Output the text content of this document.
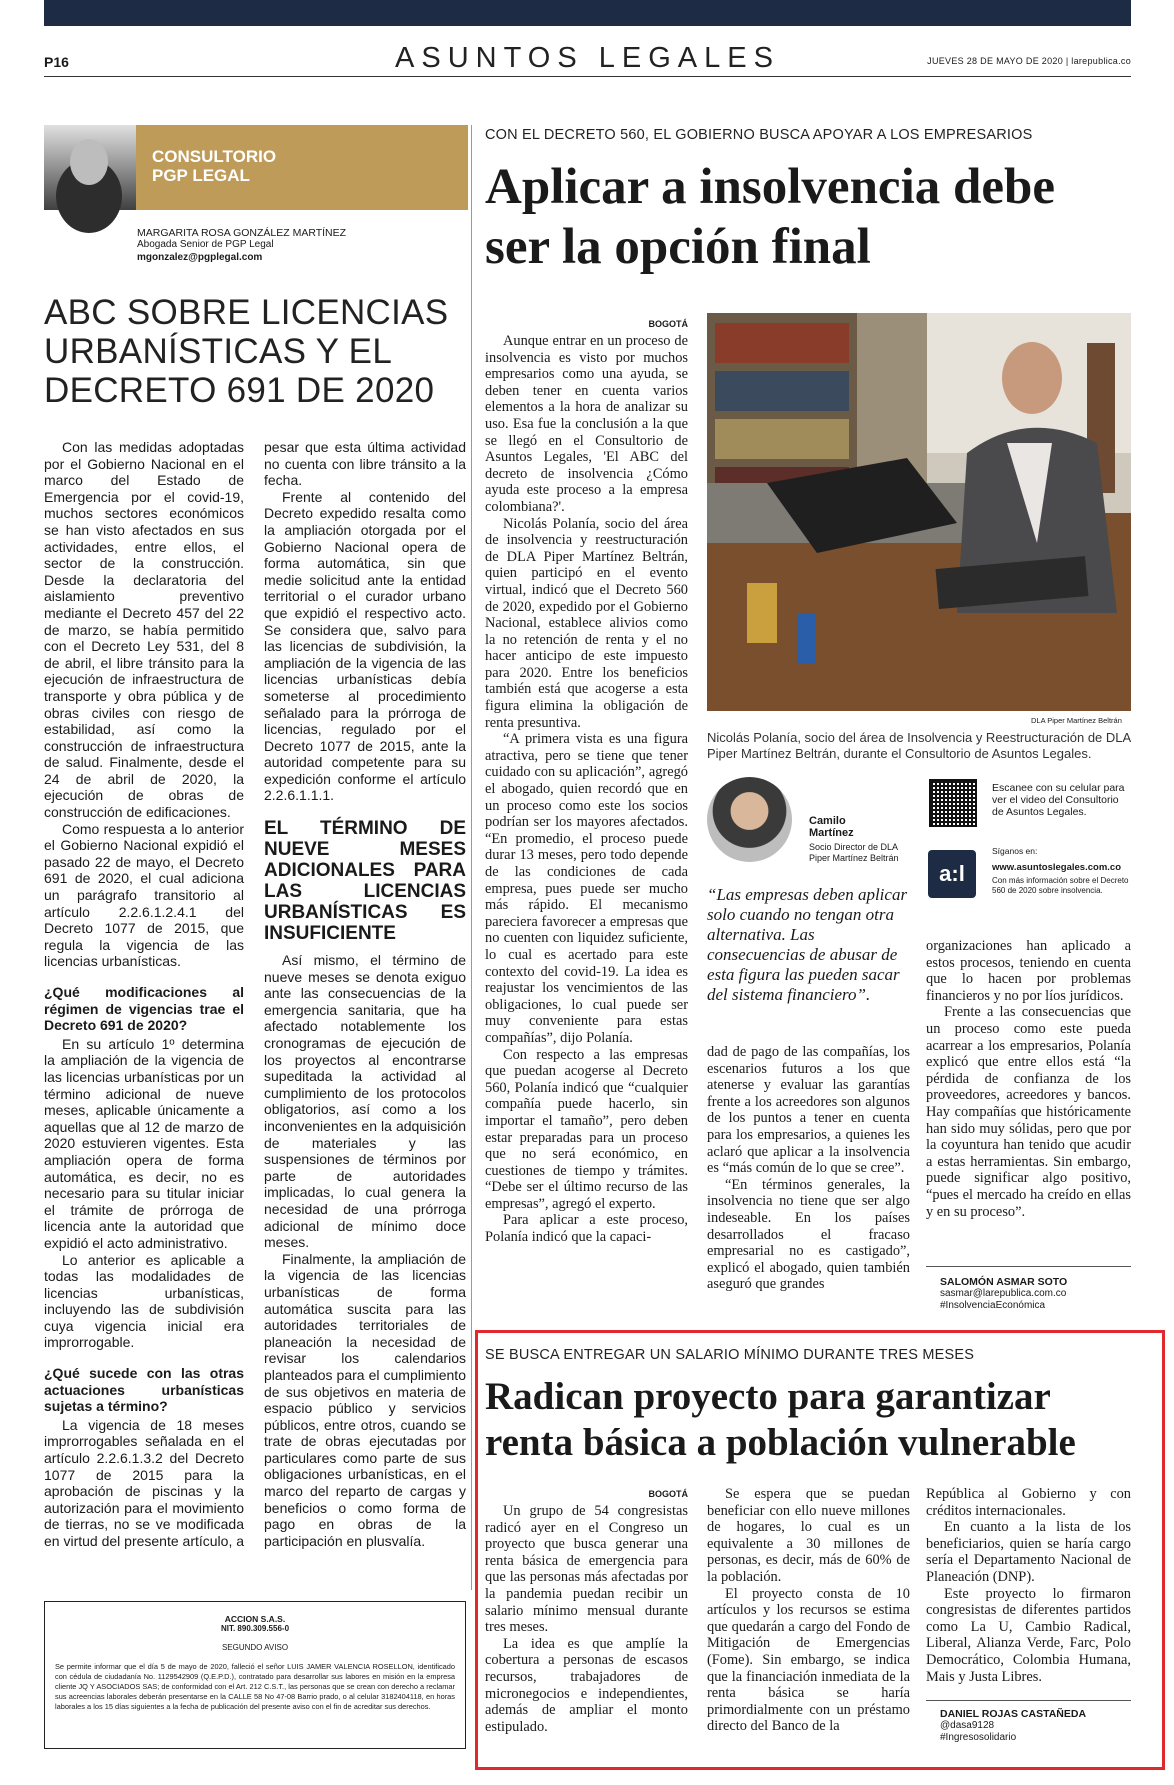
P16	ASUNTOS LEGALES	JUEVES 28 DE MAYO DE 2020 | larepublica.co
CONSULTORIO
PGP LEGAL
MARGARITA ROSA GONZÁLEZ MARTÍNEZ
Abogada Senior de PGP Legal
mgonzalez@pgplegal.com
ABC SOBRE LICENCIAS URBANÍSTICAS Y EL DECRETO 691 DE 2020

Con las medidas adoptadas por el Gobierno Nacional en el marco del Estado de Emergencia por el covid-19, muchos sectores económicos se han visto afectados en sus actividades, entre ellos, el sector de la construcción. Desde la declaratoria del aislamiento preventivo mediante el Decreto 457 del 22 de marzo, se había permitido con el Decreto Ley 531, del 8 de abril, el libre tránsito para la ejecución de infraestructura de transporte y obra pública y de obras civiles con riesgo de estabilidad, así como la construcción de infraestructura de salud. Finalmente, desde el 24 de abril de 2020, la ejecución de obras de construcción de edificaciones.

Como respuesta a lo anterior el Gobierno Nacional expidió el pasado 22 de mayo, el Decreto 691 de 2020, el cual adiciona un parágrafo transitorio al artículo 2.2.6.1.2.4.1 del Decreto 1077 de 2015, que regula la vigencia de las licencias urbanísticas.

¿Qué modificaciones al régimen de vigencias trae el Decreto 691 de 2020?

En su artículo 1º determina la ampliación de la vigencia de las licencias urbanísticas por un término adicional de nueve meses, aplicable únicamente a aquellas que al 12 de marzo de 2020 estuvieren vigentes. Esta ampliación opera de forma automática, es decir, no es necesario para su titular iniciar el trámite de prórroga de licencia ante la autoridad que expidió el acto administrativo.

Lo anterior es aplicable a todas las modalidades de licencias urbanísticas, incluyendo las de subdivisión cuya vigencia inicial era improrrogable.

¿Qué sucede con las otras actuaciones urbanísticas sujetas a término?

La vigencia de 18 meses improrrogables señalada en el artículo 2.2.6.1.3.2 del Decreto 1077 de 2015 para la aprobación de piscinas y la autorización para el movimiento de tierras, no se ve modificada en virtud del presente artículo, a

pesar que esta última actividad no cuenta con libre tránsito a la fecha.

Frente al contenido del Decreto expedido resalta como la ampliación otorgada por el Gobierno Nacional opera de forma automática, sin que medie solicitud ante la entidad territorial o el curador urbano que expidió el respectivo acto. Se considera que, salvo para las licencias de subdivisión, la ampliación de la vigencia de las licencias urbanísticas debía someterse al procedimiento señalado para la prórroga de licencias, regulado por el Decreto 1077 de 2015, ante la autoridad competente para su expedición conforme el artículo 2.2.6.1.1.1.

EL TÉRMINO DE NUEVE MESES ADICIONALES PARA LAS LICENCIAS URBANÍSTICAS ES INSUFICIENTE

Así mismo, el término de nueve meses se denota exiguo ante las consecuencias de la emergencia sanitaria, que ha afectado notablemente los cronogramas de ejecución de los proyectos al encontrarse supeditada la actividad al cumplimiento de los protocolos obligatorios, así como a los inconvenientes en la adquisición de materiales y las suspensiones de términos por parte de autoridades implicadas, lo cual genera la necesidad de una prórroga adicional de mínimo doce meses.

Finalmente, la ampliación de la vigencia de las licencias urbanísticas de forma automática suscita para las autoridades territoriales de planeación la necesidad de revisar los calendarios planteados para el cumplimiento de sus objetivos en materia de espacio público y servicios públicos, entre otros, cuando se trate de obras ejecutadas por particulares como parte de sus obligaciones urbanísticas, en el marco del reparto de cargas y beneficios o como forma de pago en obras de la participación en plusvalía.

ACCION S.A.S.
NIT. 890.309.556-0
SEGUNDO AVISO
Se permite informar que el día 5 de mayo de 2020, falleció el señor LUIS JAMER VALENCIA ROSELLON, identificado con cédula de ciudadanía No. 1129542909 (Q.E.P.D.), contratado para desarrollar sus labores en misión en la empresa cliente JQ Y ASOCIADOS SAS; de conformidad con el Art. 212 C.S.T., las personas que se crean con derecho a reclamar sus acreencias laborales deberán presentarse en la CALLE 58 No 47-08 Barrio prado, o al celular 3182404118, en horas laborales a los 15 días siguientes a la fecha de publicación del presente aviso con el fin de acreditar sus derechos.
CON EL DECRETO 560, EL GOBIERNO BUSCA APOYAR A LOS EMPRESARIOS
Aplicar a insolvencia debe ser la opción final
BOGOTÁ

Aunque entrar en un proceso de insolvencia es visto por muchos empresarios como una ayuda, se deben tener en cuenta varios elementos a la hora de analizar su uso. Esa fue la conclusión a la que se llegó en el Consultorio de Asuntos Legales, 'El ABC del decreto de insolvencia ¿Cómo ayuda este proceso a la empresa colombiana?'.

Nicolás Polanía, socio del área de insolvencia y reestructuración de DLA Piper Martínez Beltrán, quien participó en el evento virtual, indicó que el Decreto 560 de 2020, expedido por el Gobierno Nacional, establece alivios como la no retención de renta y el no hacer anticipo de este impuesto para 2020. Entre los beneficios también está que acogerse a esta figura elimina la obligación de renta presuntiva.

“A primera vista es una figura atractiva, pero se tiene que tener cuidado con su aplicación”, agregó el abogado, quien recordó que en un proceso como este los socios podrían ser los mayores afectados. “En promedio, el proceso puede durar 13 meses, pero todo depende de las condiciones de cada empresa, pues puede ser mucho más rápido. El mecanismo pareciera favorecer a empresas que no cuenten con liquidez suficiente, lo cual es acertado para este contexto del covid-19. La idea es reajustar los vencimientos de las obligaciones, lo cual puede ser muy conveniente para estas compañías”, dijo Polanía.

Con respecto a las empresas que puedan acogerse al Decreto 560, Polanía indicó que “cualquier compañía puede hacerlo, sin importar el tamaño”, pero deben estar preparadas para un proceso que no será económico, en cuestiones de tiempo y trámites. “Debe ser el último recurso de las empresas”, agregó el experto.

Para aplicar a este proceso, Polanía indicó que la capaci-

DLA Piper Martínez Beltrán
Nicolás Polanía, socio del área de Insolvencia y Reestructuración de DLA Piper Martínez Beltrán, durante el Consultorio de Asuntos Legales.
Camilo
Martínez
Socio Director de DLA
Piper Martínez Beltrán
“Las empresas deben aplicar solo cuando no tengan otra alternativa. Las consecuencias de abusar de esta figura las pueden sacar del sistema financiero”.
Escanee con su celular para ver el video del Consultorio de Asuntos Legales.
Síganos en:
a:l	www.asuntoslegales.com.co
Con más información sobre el Decreto 560 de 2020 sobre insolvencia.

dad de pago de las compañías, los escenarios futuros a los que atenerse y evaluar las garantías frente a los acreedores son algunos de los puntos a tener en cuenta para los empresarios, a quienes les aclaró que aplicar a la insolvencia es “más común de lo que se cree”.

“En términos generales, la insolvencia no tiene que ser algo indeseable. En los países desarrollados el fracaso empresarial no es castigado”, explicó el abogado, quien también aseguró que grandes

organizaciones han aplicado a estos procesos, teniendo en cuenta que lo hacen por problemas financieros y no por líos jurídicos.

Frente a las consecuencias que un proceso como este pueda acarrear a los empresarios, Polanía explicó que entre ellos está “la pérdida de confianza de los proveedores, acreedores y bancos. Hay compañías que históricamente han sido muy sólidas, pero que por la coyuntura han tenido que acudir a estas herramientas. Sin embargo, puede significar algo positivo, “pues el mercado ha creído en ellas y en su proceso”.

SALOMÓN ASMAR SOTO
sasmar@larepublica.com.co
#InsolvenciaEconómica
SE BUSCA ENTREGAR UN SALARIO MÍNIMO DURANTE TRES MESES
Radican proyecto para garantizar renta básica a población vulnerable
BOGOTÁ

Un grupo de 54 congresistas radicó ayer en el Congreso un proyecto que busca generar una renta básica de emergencia para que las personas más afectadas por la pandemia puedan recibir un salario mínimo mensual durante tres meses.

La idea es que amplíe la cobertura a personas de escasos recursos, trabajadores de micronegocios e independientes, además de ampliar el monto estipulado.

Se espera que se puedan beneficiar con ello nueve millones de hogares, lo cual es un equivalente a 30 millones de personas, es decir, más de 60% de la población.

El proyecto consta de 10 artículos y los recursos se estima que quedarán a cargo del Fondo de Mitigación de Emergencias (Fome). Sin embargo, se indica que la financiación inmediata de la renta básica se haría primordialmente con un préstamo directo del Banco de la

República al Gobierno y con créditos internacionales.

En cuanto a la lista de los beneficiarios, quien se haría cargo sería el Departamento Nacional de Planeación (DNP).

Este proyecto lo firmaron congresistas de diferentes partidos como La U, Cambio Radical, Liberal, Alianza Verde, Farc, Polo Democrático, Colombia Humana, Mais y Justa Libres.

DANIEL ROJAS CASTAÑEDA
@dasa9128
#Ingresosolidario
